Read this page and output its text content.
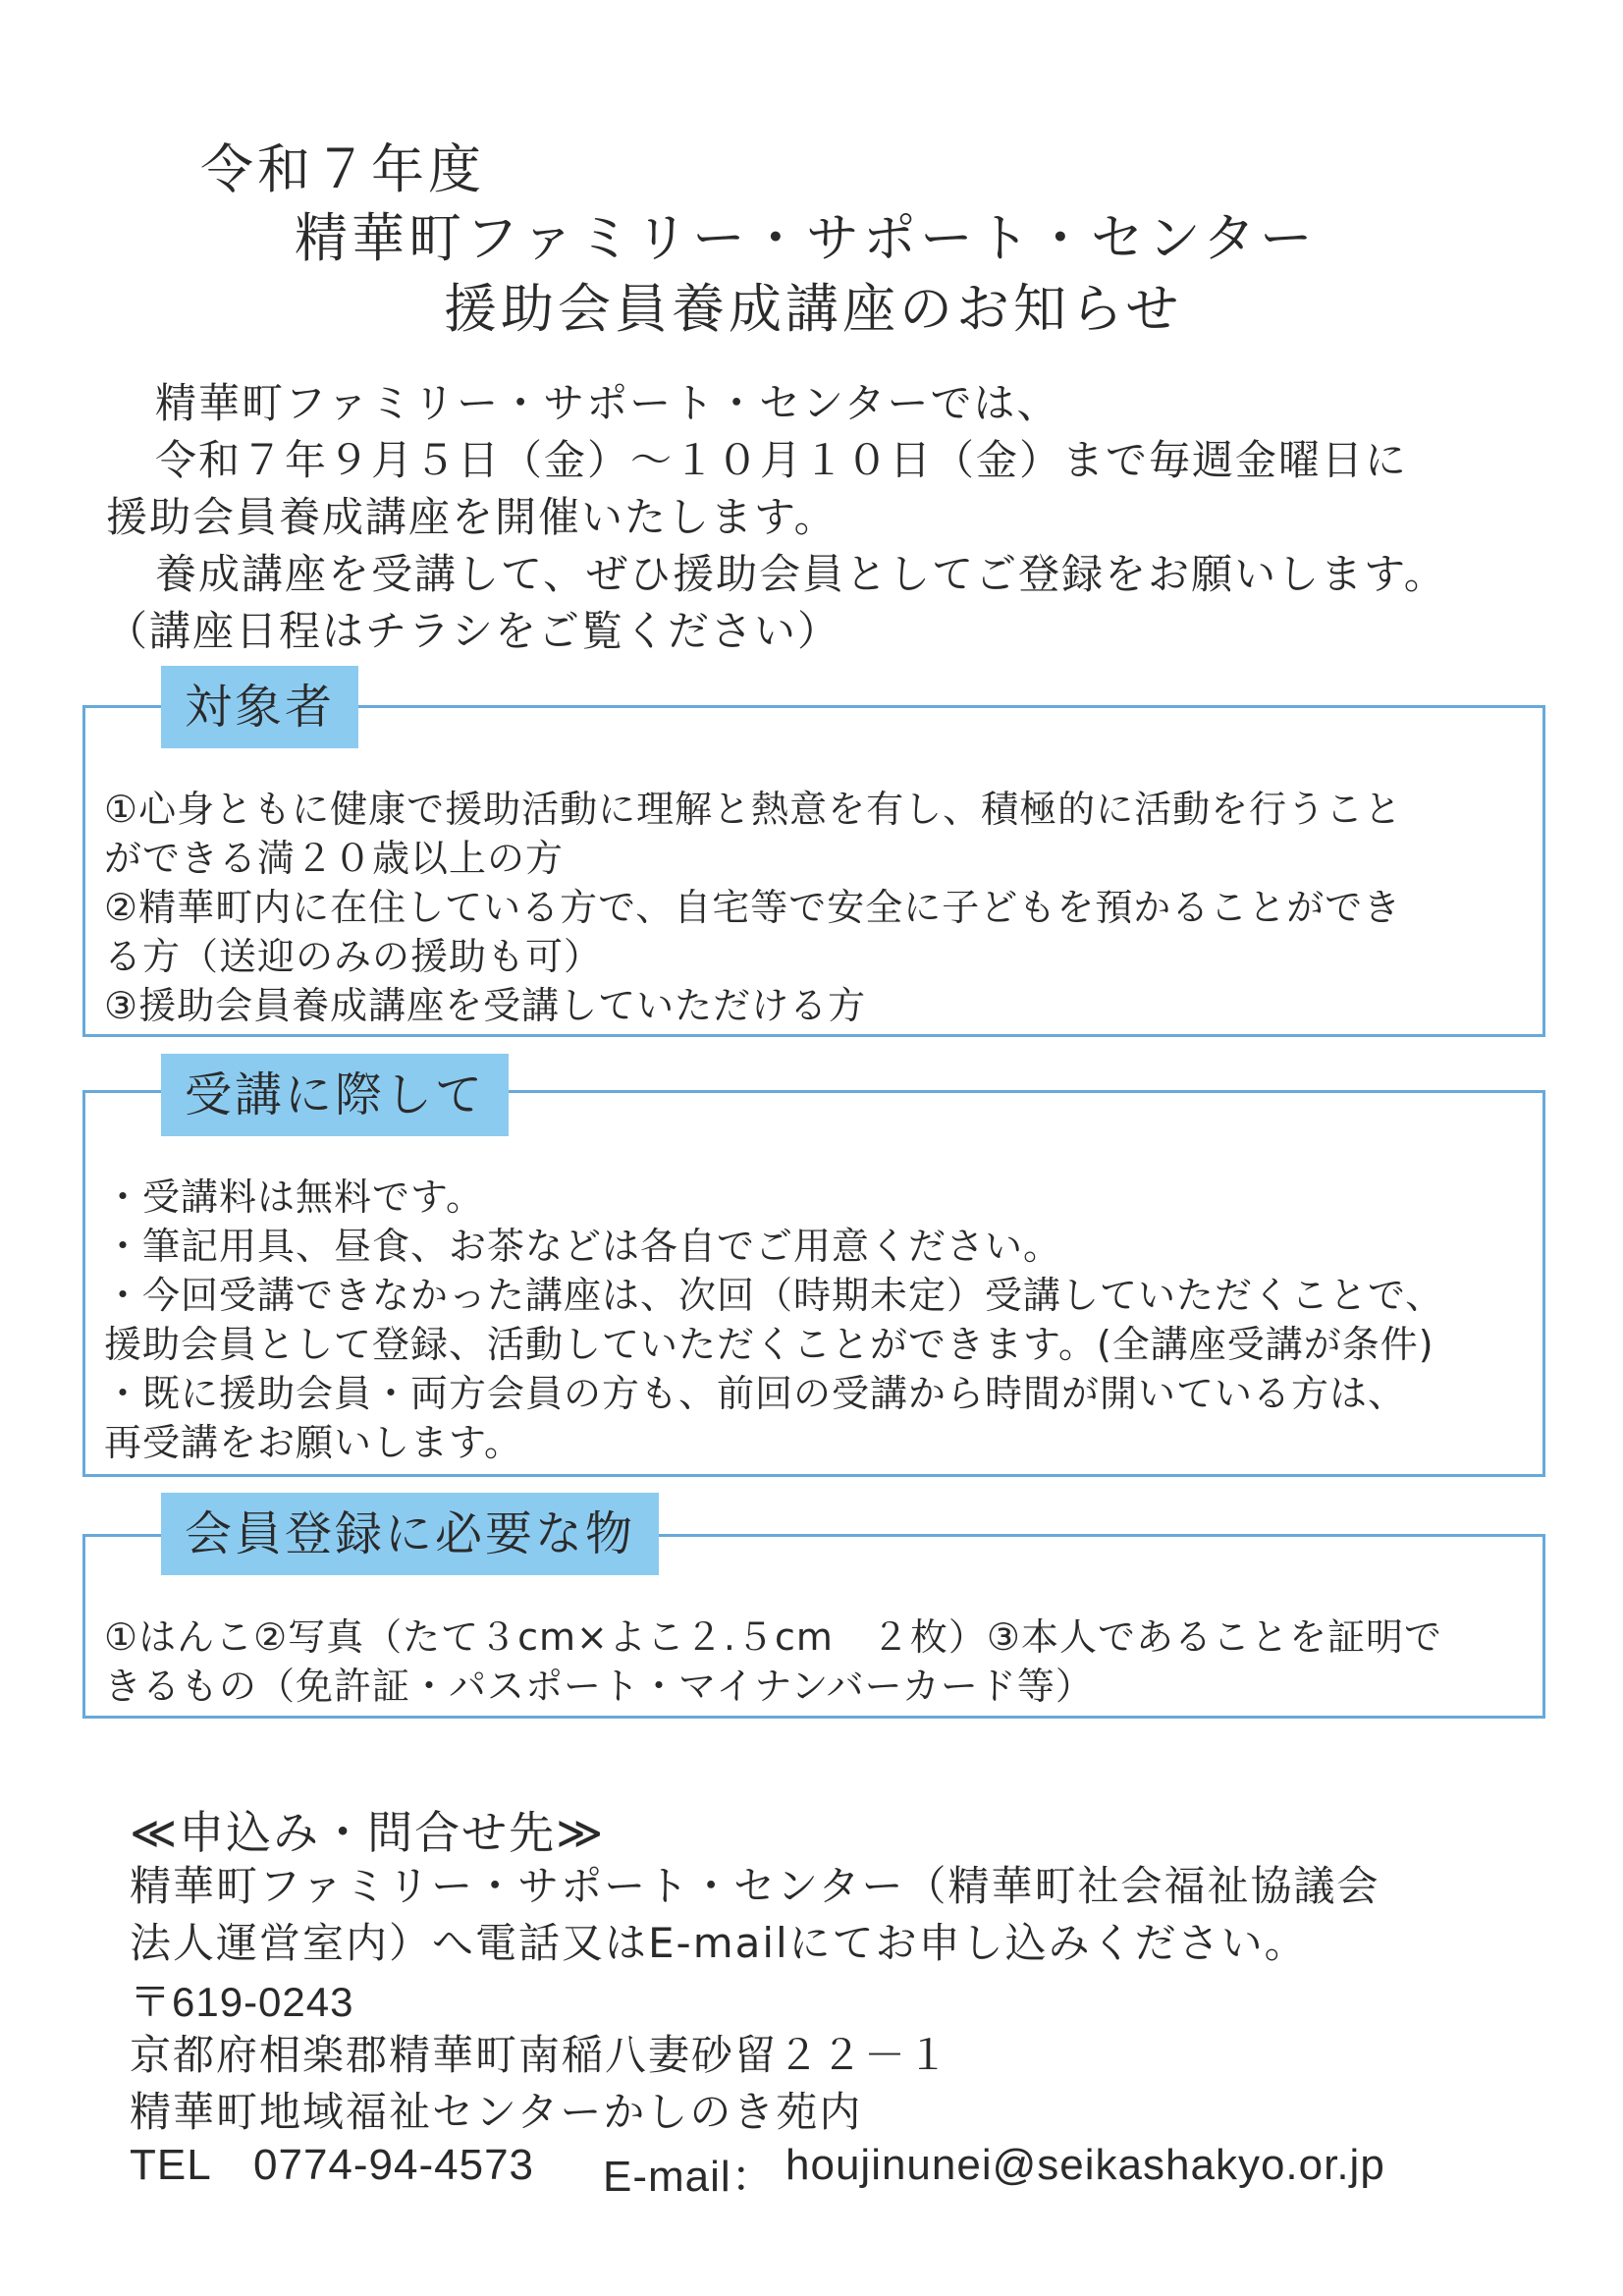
令和７年度
精華町ファミリー・サポート・センター
援助会員養成講座のお知らせ
精華町ファミリー・サポート・センターでは、
令和７年９月５日（金）～１０月１０日（金）まで毎週金曜日に
援助会員養成講座を開催いたします。
養成講座を受講して、ぜひ援助会員としてご登録をお願いします。
（講座日程はチラシをご覧ください）
対象者
①心身ともに健康で援助活動に理解と熱意を有し、積極的に活動を行うこと
ができる満２０歳以上の方
②精華町内に在住している方で、自宅等で安全に子どもを預かることができ
る方（送迎のみの援助も可）
③援助会員養成講座を受講していただける方
受講に際して
・受講料は無料です。
・筆記用具、昼食、お茶などは各自でご用意ください。
・今回受講できなかった講座は、次回（時期未定）受講していただくことで、
援助会員として登録、活動していただくことができます。(全講座受講が条件)
・既に援助会員・両方会員の方も、前回の受講から時間が開いている方は、
再受講をお願いします。
会員登録に必要な物
①はんこ②写真（たて３cm×よこ２.５cm　２枚）③本人であることを証明で
きるもの（免許証・パスポート・マイナンバーカード等）
≪申込み・問合せ先≫
精華町ファミリー・サポート・センター（精華町社会福祉協議会
法人運営室内）へ電話又はE-mailにてお申し込みください。
〒619-0243
京都府相楽郡精華町南稲八妻砂留２２－１
精華町地域福祉センターかしのき苑内
TEL 0774-94-4573 E-mail： houjinunei@seikashakyo.or.jp
